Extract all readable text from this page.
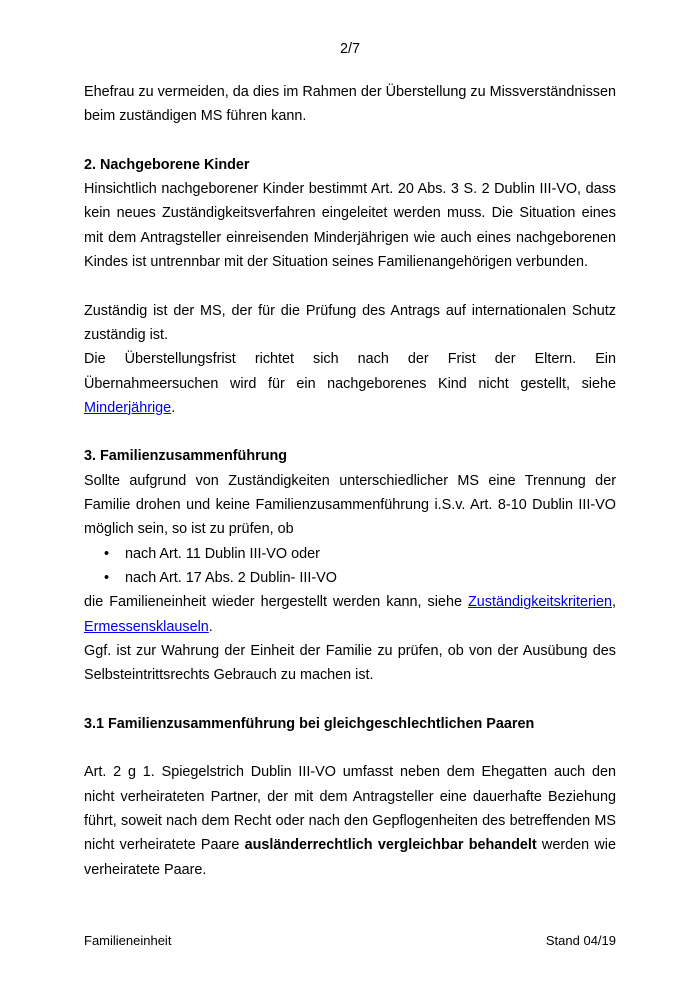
2/7

Ehefrau zu vermeiden, da dies im Rahmen der Überstellung zu Missverständnissen beim zuständigen MS führen kann.

2. Nachgeborene Kinder

Hinsichtlich nachgeborener Kinder bestimmt Art. 20 Abs. 3 S. 2 Dublin III-VO, dass kein neues Zuständigkeitsverfahren eingeleitet werden muss. Die Situation eines mit dem Antragsteller einreisenden Minderjährigen wie auch eines nachgeborenen Kindes ist untrennbar mit der Situation seines Familienangehörigen verbunden.

Zuständig ist der MS, der für die Prüfung des Antrags auf internationalen Schutz zuständig ist.

Die Überstellungsfrist richtet sich nach der Frist der Eltern. Ein Übernahmeersuchen wird für ein nachgeborenes Kind nicht gestellt, siehe Minderjährige.

3. Familienzusammenführung

Sollte aufgrund von Zuständigkeiten unterschiedlicher MS eine Trennung der Familie drohen und keine Familienzusammenführung i.S.v. Art. 8-10 Dublin III-VO möglich sein, so ist zu prüfen, ob

• nach Art. 11 Dublin III-VO oder
• nach Art. 17 Abs. 2 Dublin- III-VO

die Familieneinheit wieder hergestellt werden kann, siehe Zuständigkeitskriterien, Ermessensklauseln.

Ggf. ist zur Wahrung der Einheit der Familie zu prüfen, ob von der Ausübung des Selbsteintrittsrechts Gebrauch zu machen ist.

3.1 Familienzusammenführung bei gleichgeschlechtlichen Paaren

Art. 2 g 1. Spiegelstrich Dublin III-VO umfasst neben dem Ehegatten auch den nicht verheirateten Partner, der mit dem Antragsteller eine dauerhafte Beziehung führt, soweit nach dem Recht oder nach den Gepflogenheiten des betreffenden MS nicht verheiratete Paare ausländerrechtlich vergleichbar behandelt werden wie verheiratete Paare.

Familieneinheit	Stand 04/19
